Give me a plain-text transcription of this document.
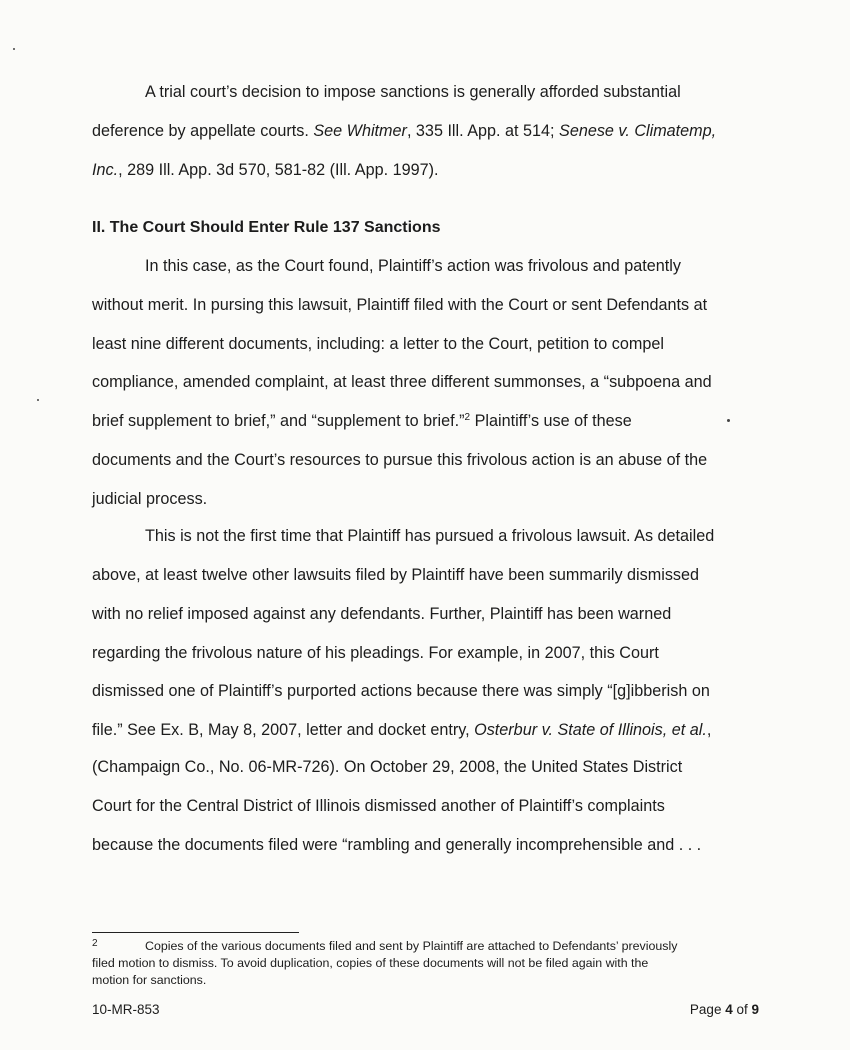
A trial court’s decision to impose sanctions is generally afforded substantial
deference by appellate courts. See Whitmer, 335 Ill. App. at 514; Senese v. Climatemp,
Inc., 289 Ill. App. 3d 570, 581-82 (Ill. App. 1997).
II. The Court Should Enter Rule 137 Sanctions
In this case, as the Court found, Plaintiff’s action was frivolous and patently
without merit. In pursing this lawsuit, Plaintiff filed with the Court or sent Defendants at
least nine different documents, including: a letter to the Court, petition to compel
compliance, amended complaint, at least three different summonses, a “subpoena and
brief supplement to brief,” and “supplement to brief.”$^2$ Plaintiff’s use of these
documents and the Court’s resources to pursue this frivolous action is an abuse of the
judicial process.
This is not the first time that Plaintiff has pursued a frivolous lawsuit. As detailed
above, at least twelve other lawsuits filed by Plaintiff have been summarily dismissed
with no relief imposed against any defendants. Further, Plaintiff has been warned
regarding the frivolous nature of his pleadings. For example, in 2007, this Court
dismissed one of Plaintiff’s purported actions because there was simply “[g]ibberish on
file.” See Ex. B, May 8, 2007, letter and docket entry, Osterbur v. State of Illinois, et al.,
(Champaign Co., No. 06-MR-726). On October 29, 2008, the United States District
Court for the Central District of Illinois dismissed another of Plaintiff’s complaints
because the documents filed were “rambling and generally incomprehensible and . . .
2	Copies of the various documents filed and sent by Plaintiff are attached to Defendants’ previously
filed motion to dismiss. To avoid duplication, copies of these documents will not be filed again with the
motion for sanctions.
10-MR-853	Page 4 of 9
